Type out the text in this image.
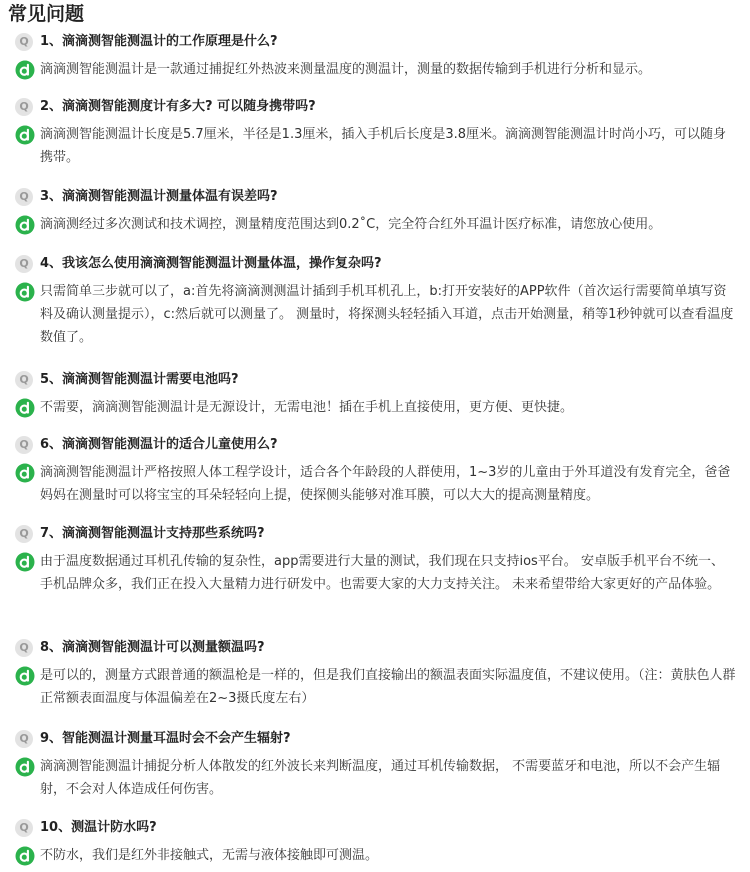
常见问题
Q 1、滴滴测智能测温计的工作原理是什么?
滴滴测智能测温计是一款通过捕捉红外热波来测量温度的测温计，测量的数据传输到手机进行分析和显示。
Q 2、滴滴测智能测度计有多大? 可以随身携带吗?
滴滴测智能测温计长度是5.7厘米，半径是1.3厘米，插入手机后长度是3.8厘米。滴滴测智能测温计时尚小巧，可以随身携带。
Q 3、滴滴测智能测温计测量体温有误差吗?
滴滴测经过多次测试和技术调控，测量精度范围达到0.2˚C，完全符合红外耳温计医疗标准，请您放心使用。
Q 4、我该怎么使用滴滴测智能测温计测量体温，操作复杂吗?
只需简单三步就可以了，a:首先将滴滴测测温计插到手机耳机孔上，b:打开安装好的APP软件（首次运行需要简单填写资料及确认测量提示），c:然后就可以测量了。 测量时，将探测头轻轻插入耳道，点击开始测量，稍等1秒钟就可以查看温度数值了。
Q 5、滴滴测智能测温计需要电池吗?
不需要，滴滴测智能测温计是无源设计，无需电池！插在手机上直接使用，更方便、更快捷。
Q 6、滴滴测智能测温计的适合儿童使用么?
滴滴测智能测温计严格按照人体工程学设计，适合各个年龄段的人群使用，1~3岁的儿童由于外耳道没有发育完全，爸爸妈妈在测量时可以将宝宝的耳朵轻轻向上提，使探侧头能够对准耳膜，可以大大的提高测量精度。
Q 7、滴滴测智能测温计支持那些系统吗?
由于温度数据通过耳机孔传输的复杂性，app需要进行大量的测试，我们现在只支持ios平台。 安卓版手机平台不统一、手机品牌众多，我们正在投入大量精力进行研发中。也需要大家的大力支持关注。 未来希望带给大家更好的产品体验。
Q 8、滴滴测智能测温计可以测量额温吗?
是可以的，测量方式跟普通的额温枪是一样的，但是我们直接输出的额温表面实际温度值，不建议使用。（注：黄肤色人群正常额表面温度与体温偏差在2~3摄氏度左右）
Q 9、智能测温计测量耳温时会不会产生辐射?
滴滴测智能测温计捕捉分析人体散发的红外波长来判断温度，通过耳机传输数据， 不需要蓝牙和电池，所以不会产生辐射，不会对人体造成任何伤害。
Q 10、测温计防水吗?
不防水，我们是红外非接触式，无需与液体接触即可测温。
